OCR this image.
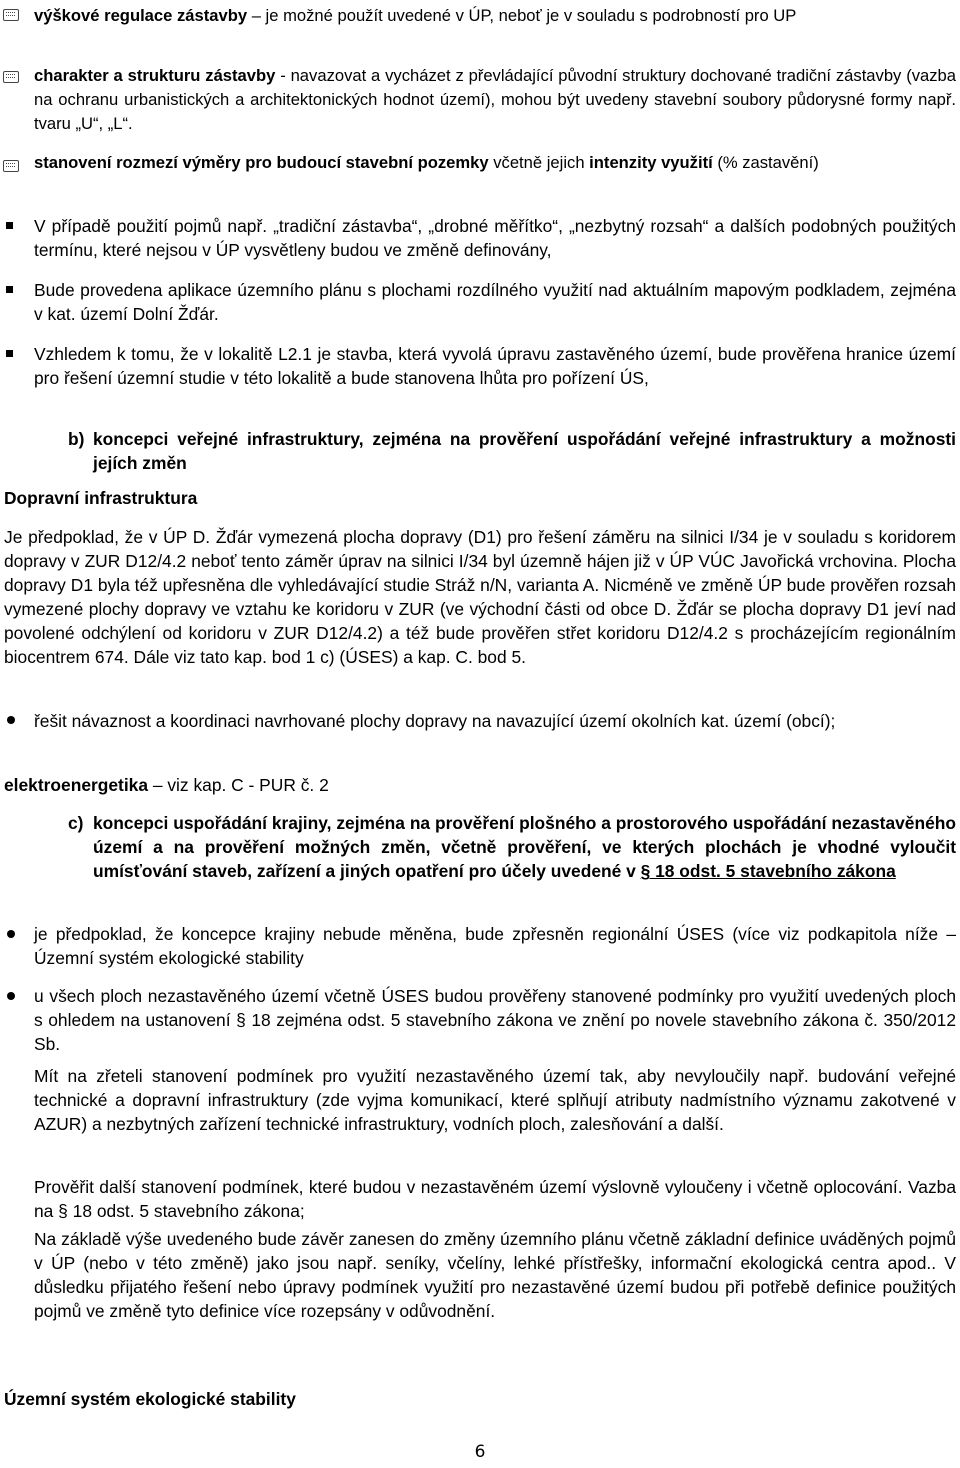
výškové regulace zástavby – je možné použít uvedené v ÚP, neboť je v souladu s podrobností pro UP

charakter a strukturu zástavby - navazovat a vycházet z převládající původní struktury dochované tradiční zástavby (vazba na ochranu urbanistických a architektonických hodnot území), mohou být uvedeny stavební soubory půdorysné formy např. tvaru „U“, „L“.

stanovení rozmezí výměry pro budoucí stavební pozemky včetně jejich intenzity využití (% zastavění)

V případě použití pojmů např. „tradiční zástavba“, „drobné měřítko“, „nezbytný rozsah“ a dalších podobných použitých termínu, které nejsou v ÚP vysvětleny budou ve změně definovány,

Bude provedena aplikace územního plánu s plochami rozdílného využití nad aktuálním mapovým podkladem, zejména v kat. území Dolní Žďár.

Vzhledem k tomu, že v lokalitě L2.1 je stavba, která vyvolá úpravu zastavěného území, bude prověřena hranice území pro řešení územní studie v této lokalitě a bude stanovena lhůta pro pořízení ÚS,

b) koncepci veřejné infrastruktury, zejména na prověření uspořádání veřejné infrastruktury a možnosti jejích změn

Dopravní infrastruktura

Je předpoklad, že v ÚP D. Žďár vymezená plocha dopravy (D1) pro řešení záměru na silnici I/34 je v souladu s koridorem dopravy v ZUR D12/4.2 neboť tento záměr úprav na silnici I/34 byl územně hájen již v ÚP VÚC Javořická vrchovina. Plocha dopravy D1 byla též upřesněna dle vyhledávající studie Stráž n/N, varianta A. Nicméně ve změně ÚP bude prověřen rozsah vymezené plochy dopravy ve vztahu ke koridoru v ZUR (ve východní části od obce D. Žďár se plocha dopravy D1 jeví nad povolené odchýlení od koridoru v ZUR D12/4.2) a též bude prověřen střet koridoru D12/4.2 s procházejícím regionálním biocentrem 674. Dále viz tato kap. bod 1 c) (ÚSES) a kap. C. bod 5.

řešit návaznost a koordinaci navrhované plochy dopravy na navazující území okolních kat. území (obcí);

elektroenergetika – viz kap. C - PUR č. 2

c) koncepci uspořádání krajiny, zejména na prověření plošného a prostorového uspořádání nezastavěného území a na prověření možných změn, včetně prověření, ve kterých plochách je vhodné vyloučit umísťování staveb, zařízení a jiných opatření pro účely uvedené v § 18 odst. 5 stavebního zákona

je předpoklad, že koncepce krajiny nebude měněna, bude zpřesněn regionální ÚSES (více viz podkapitola níže – Územní systém ekologické stability

u všech ploch nezastavěného území včetně ÚSES budou prověřeny stanovené podmínky pro využití uvedených ploch s ohledem na ustanovení § 18 zejména odst. 5 stavebního zákona ve znění po novele stavebního zákona č. 350/2012 Sb.

Mít na zřeteli stanovení podmínek pro využití nezastavěného území tak, aby nevyloučily např. budování veřejné technické a dopravní infrastruktury (zde vyjma komunikací, které splňují atributy nadmístního významu zakotvené v AZUR) a nezbytných zařízení technické infrastruktury, vodních ploch, zalesňování a další.

Prověřit další stanovení podmínek, které budou v nezastavěném území výslovně vyloučeny i včetně oplocování. Vazba na § 18 odst. 5 stavebního zákona;

Na základě výše uvedeného bude závěr zanesen do změny územního plánu včetně základní definice uváděných pojmů v ÚP (nebo v této změně) jako jsou např. seníky, včelíny, lehké přístřešky, informační ekologická centra apod.. V důsledku přijatého řešení nebo úpravy podmínek využití pro nezastavěné území budou při potřebě definice použitých pojmů ve změně tyto definice více rozepsány v odůvodnění.

Územní systém ekologické stability

6
